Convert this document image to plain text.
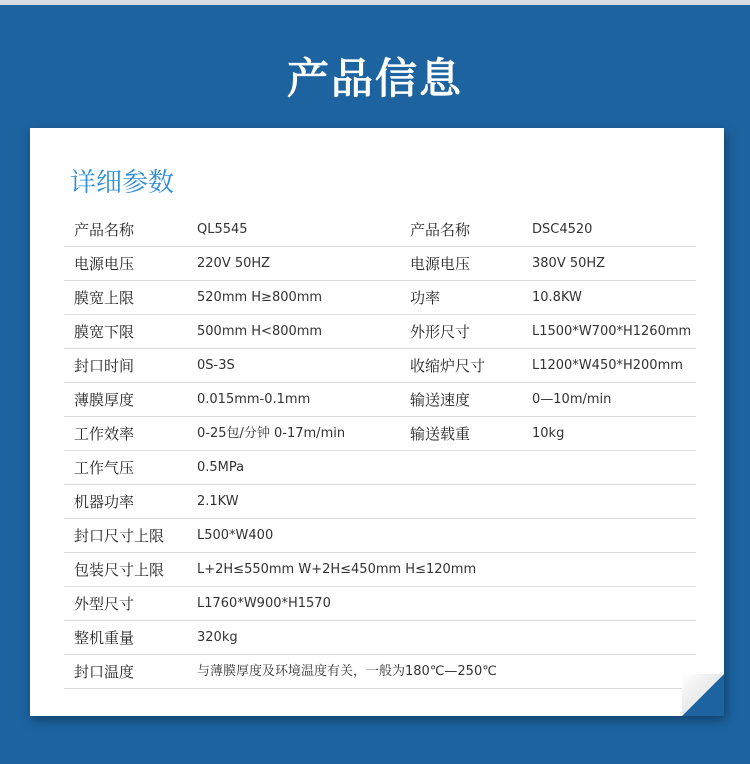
产品信息
详细参数
产品名称	QL5545	产品名称	DSC4520
电源电压	220V 50HZ	电源电压	380V 50HZ
膜宽上限	520mm H≥800mm	功率	10.8KW
膜宽下限	500mm H<800mm	外形尺寸	L1500*W700*H1260mm
封口时间	0S-3S	收缩炉尺寸	L1200*W450*H200mm
薄膜厚度	0.015mm-0.1mm	输送速度	0—10m/min
工作效率	0-25包/分钟 0-17m/min	输送载重	10kg
工作气压	0.5MPa
机器功率	2.1KW
封口尺寸上限	L500*W400
包装尺寸上限	L+2H≤550mm W+2H≤450mm H≤120mm
外型尺寸	L1760*W900*H1570
整机重量	320kg
封口温度	与薄膜厚度及环境温度有关，一般为180℃—250℃
